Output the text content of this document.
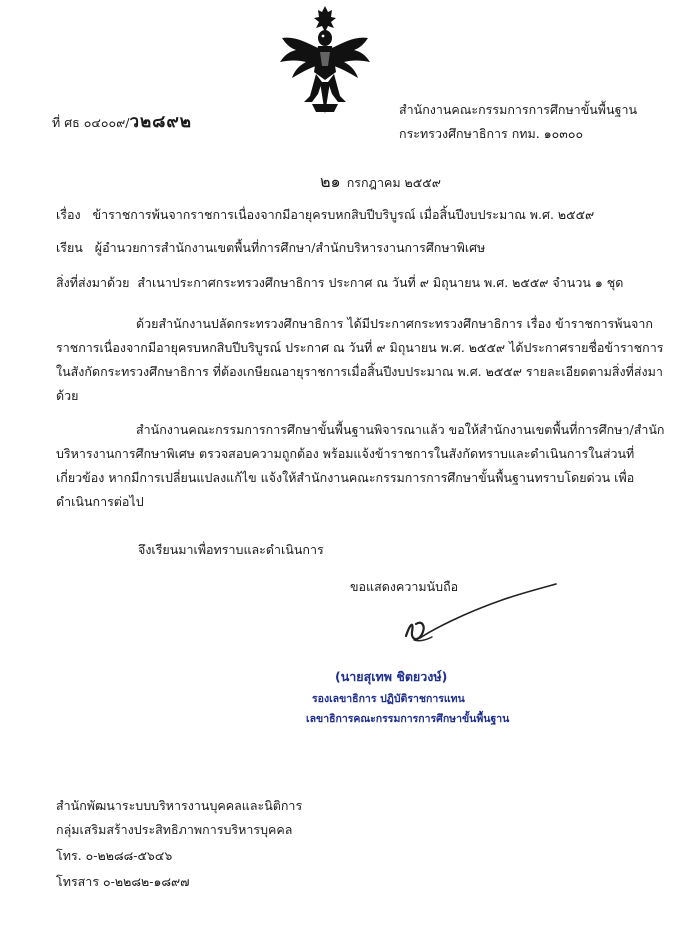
ที่ ศธ ๐๔๐๐๙/ว๒๘๙๒
สำนักงานคณะกรรมการการศึกษาขั้นพื้นฐาน
กระทรวงศึกษาธิการ กทม. ๑๐๓๐๐
๒๑ กรกฎาคม ๒๕๕๙
เรื่อง ข้าราชการพ้นจากราชการเนื่องจากมีอายุครบหกสิบปีบริบูรณ์ เมื่อสิ้นปีงบประมาณ พ.ศ. ๒๕๕๙
เรียน ผู้อำนวยการสำนักงานเขตพื้นที่การศึกษา/สำนักบริหารงานการศึกษาพิเศษ
สิ่งที่ส่งมาด้วย สำเนาประกาศกระทรวงศึกษาธิการ ประกาศ ณ วันที่ ๙ มิถุนายน พ.ศ. ๒๕๕๙ จำนวน ๑ ชุด
ด้วยสำนักงานปลัดกระทรวงศึกษาธิการ ได้มีประกาศกระทรวงศึกษาธิการ เรื่อง ข้าราชการพ้นจากราชการเนื่องจากมีอายุครบหกสิบปีบริบูรณ์ ประกาศ ณ วันที่ ๙ มิถุนายน พ.ศ. ๒๕๕๙ ได้ประกาศรายชื่อข้าราชการในสังกัดกระทรวงศึกษาธิการ ที่ต้องเกษียณอายุราชการเมื่อสิ้นปีงบประมาณ พ.ศ. ๒๕๕๙ รายละเอียดตามสิ่งที่ส่งมาด้วย
สำนักงานคณะกรรมการการศึกษาขั้นพื้นฐานพิจารณาแล้ว ขอให้สำนักงานเขตพื้นที่การศึกษา/สำนักบริหารงานการศึกษาพิเศษ ตรวจสอบความถูกต้อง พร้อมแจ้งข้าราชการในสังกัดทราบและดำเนินการในส่วนที่เกี่ยวข้อง หากมีการเปลี่ยนแปลงแก้ไข แจ้งให้สำนักงานคณะกรรมการการศึกษาขั้นพื้นฐานทราบโดยด่วน เพื่อดำเนินการต่อไป
จึงเรียนมาเพื่อทราบและดำเนินการ
ขอแสดงความนับถือ
(นายสุเทพ ชิตยวงษ์)
รองเลขาธิการ ปฏิบัติราชการแทน
เลขาธิการคณะกรรมการการศึกษาขั้นพื้นฐาน
สำนักพัฒนาระบบบริหารงานบุคคลและนิติการ
กลุ่มเสริมสร้างประสิทธิภาพการบริหารบุคคล
โทร. ๐-๒๒๘๘-๕๖๔๖
โทรสาร ๐-๒๒๘๒-๑๘๙๗
